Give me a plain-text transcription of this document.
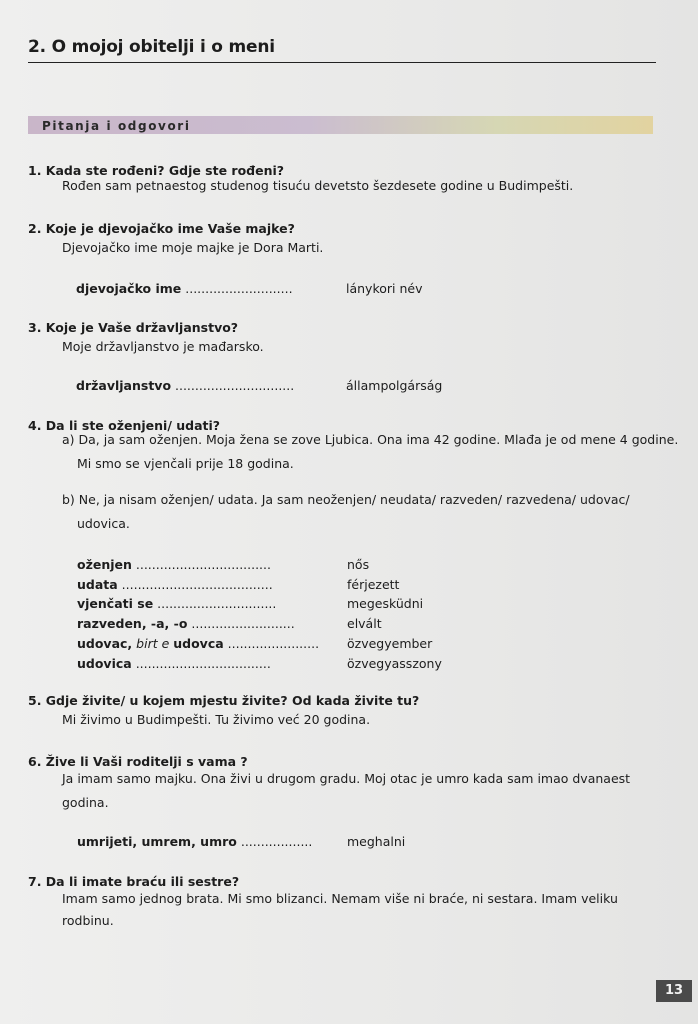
2. O mojoj obitelji i o meni
Pitanja i odgovori
1. Kada ste rođeni? Gdje ste rođeni?
Rođen sam petnaestog studenog tisuću devetsto šezdesete godine u Budimpešti.
2. Koje je djevojačko ime Vaše majke?
Djevojačko ime moje majke je Dora Marti.
djevojačko ime ...........................	lánykori név
3. Koje je Vaše državljanstvo?
Moje državljanstvo je mađarsko.
državljanstvo ..............................	állampolgárság
4. Da li ste oženjeni/ udati?
a) Da, ja sam oženjen. Moja žena se zove Ljubica. Ona ima 42 godine. Mlađa je od mene 4 godine.
Mi smo se vjenčali prije 18 godina.
b) Ne, ja nisam oženjen/ udata. Ja sam neoženjen/ neudata/ razveden/ razvedena/ udovac/
udovica.
oženjen ..................................	nős
udata ......................................	férjezett
vjenčati se ..............................	megesküdni
razveden, -a, -o ..........................	elvált
udovac, birt e udovca ....................... özvegyember
udovica ..................................	özvegyasszony
5. Gdje živite/ u kojem mjestu živite? Od kada živite tu?
Mi živimo u Budimpešti. Tu živimo već 20 godina.
6. Žive li Vaši roditelji s vama ?
Ja imam samo majku. Ona živi u drugom gradu. Moj otac je umro kada sam imao dvanaest
godina.
umrijeti, umrem, umro ..................	meghalni
7. Da li imate braću ili sestre?
Imam samo jednog brata. Mi smo blizanci. Nemam više ni braće, ni sestara. Imam veliku
rodbinu.
13
